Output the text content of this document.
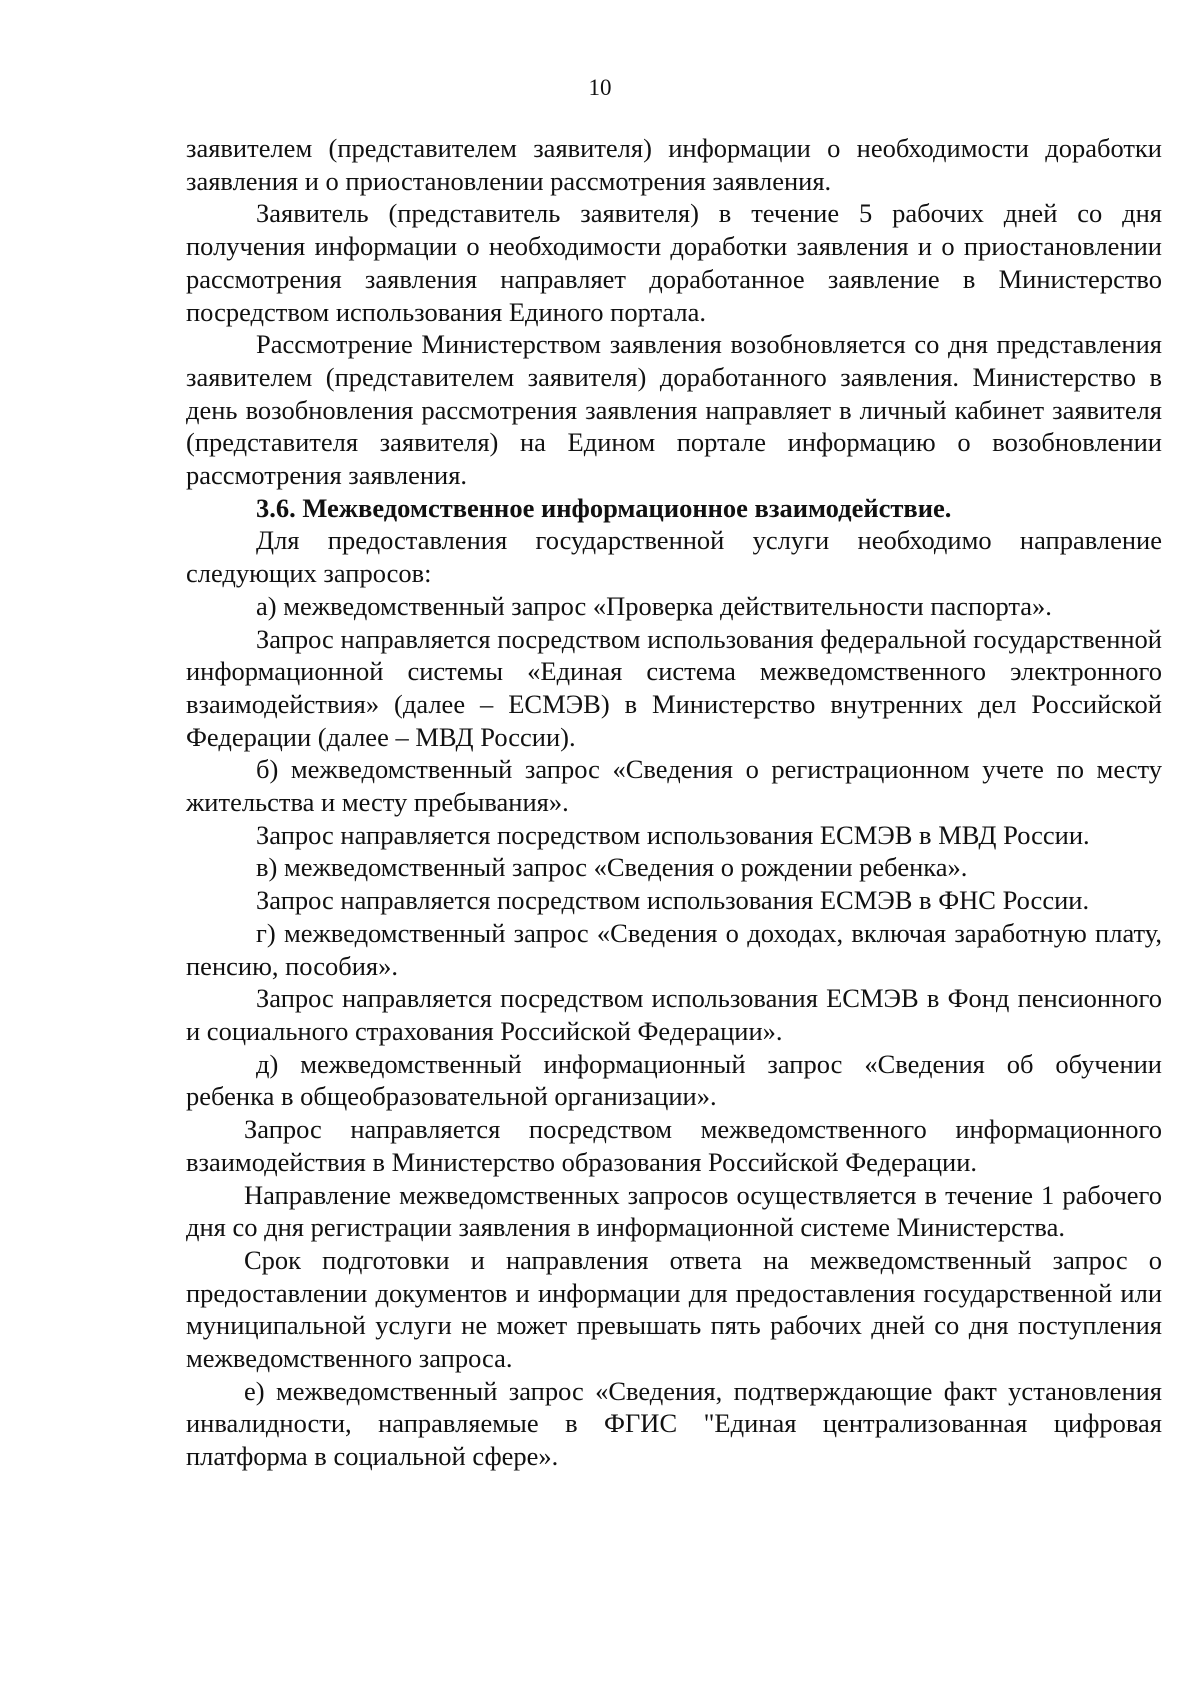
10

заявителем (представителем заявителя) информации о необходимости доработки заявления и о приостановлении рассмотрения заявления.

Заявитель (представитель заявителя) в течение 5 рабочих дней со дня получения информации о необходимости доработки заявления и о приостановлении рассмотрения заявления направляет доработанное заявление в Министерство посредством использования Единого портала.

Рассмотрение Министерством заявления возобновляется со дня представления заявителем (представителем заявителя) доработанного заявления. Министерство в день возобновления рассмотрения заявления направляет в личный кабинет заявителя (представителя заявителя) на Едином портале информацию о возобновлении рассмотрения заявления.

3.6. Межведомственное информационное взаимодействие.

Для предоставления государственной услуги необходимо направление следующих запросов:

а) межведомственный запрос «Проверка действительности паспорта».

Запрос направляется посредством использования федеральной государственной информационной системы «Единая система межведомственного электронного взаимодействия» (далее – ЕСМЭВ) в Министерство внутренних дел Российской Федерации (далее – МВД России).

б) межведомственный запрос «Сведения о регистрационном учете по месту жительства и месту пребывания».

Запрос направляется посредством использования ЕСМЭВ в МВД России.

в) межведомственный запрос «Сведения о рождении ребенка».

Запрос направляется посредством использования ЕСМЭВ в ФНС России.

г) межведомственный запрос «Сведения о доходах, включая заработную плату, пенсию, пособия».

Запрос направляется посредством использования ЕСМЭВ в Фонд пенсионного и социального страхования Российской Федерации».

д) межведомственный информационный запрос «Сведения об обучении ребенка в общеобразовательной организации».

Запрос направляется посредством межведомственного информационного взаимодействия в Министерство образования Российской Федерации.

Направление межведомственных запросов осуществляется в течение 1 рабочего дня со дня регистрации заявления в информационной системе Министерства.

Срок подготовки и направления ответа на межведомственный запрос о предоставлении документов и информации для предоставления государственной или муниципальной услуги не может превышать пять рабочих дней со дня поступления межведомственного запроса.

е) межведомственный запрос «Сведения, подтверждающие факт установления инвалидности, направляемые в ФГИС "Единая централизованная цифровая платформа в социальной сфере».
